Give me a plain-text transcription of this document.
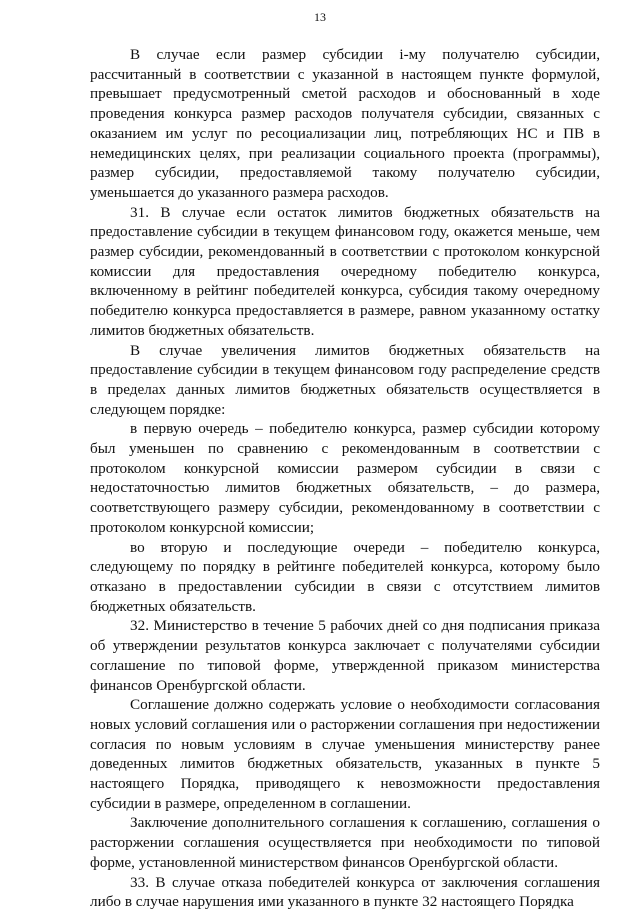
13

В случае если размер субсидии i-му получателю субсидии, рассчитанный в соответствии с указанной в настоящем пункте формулой, превышает предусмотренный сметой расходов и обоснованный в ходе проведения конкурса размер расходов получателя субсидии, связанных с оказанием им услуг по ресоциализации лиц, потребляющих НС и ПВ в немедицинских целях, при реализации социального проекта (программы), размер субсидии, предоставляемой такому получателю субсидии, уменьшается до указанного размера расходов.

31. В случае если остаток лимитов бюджетных обязательств на предоставление субсидии в текущем финансовом году, окажется меньше, чем размер субсидии, рекомендованный в соответствии с протоколом конкурсной комиссии для предоставления очередному победителю конкурса, включенному в рейтинг победителей конкурса, субсидия такому очередному победителю конкурса предоставляется в размере, равном указанному остатку лимитов бюджетных обязательств.

В случае увеличения лимитов бюджетных обязательств на предоставление субсидии в текущем финансовом году распределение средств в пределах данных лимитов бюджетных обязательств осуществляется в следующем порядке:

в первую очередь – победителю конкурса, размер субсидии которому был уменьшен по сравнению с рекомендованным в соответствии с протоколом конкурсной комиссии размером субсидии в связи с недостаточностью лимитов бюджетных обязательств, – до размера, соответствующего размеру субсидии, рекомендованному в соответствии с протоколом конкурсной комиссии;

во вторую и последующие очереди – победителю конкурса, следующему по порядку в рейтинге победителей конкурса, которому было отказано в предоставлении субсидии в связи с отсутствием лимитов бюджетных обязательств.

32. Министерство в течение 5 рабочих дней со дня подписания приказа об утверждении результатов конкурса заключает с получателями субсидии соглашение по типовой форме, утвержденной приказом министерства финансов Оренбургской области.

Соглашение должно содержать условие о необходимости согласования новых условий соглашения или о расторжении соглашения при недостижении согласия по новым условиям в случае уменьшения министерству ранее доведенных лимитов бюджетных обязательств, указанных в пункте 5 настоящего Порядка, приводящего к невозможности предоставления субсидии в размере, определенном в соглашении.

Заключение дополнительного соглашения к соглашению, соглашения о расторжении соглашения осуществляется при необходимости по типовой форме, установленной министерством финансов Оренбургской области.

33. В случае отказа победителей конкурса от заключения соглашения либо в случае нарушения ими указанного в пункте 32 настоящего Порядка
